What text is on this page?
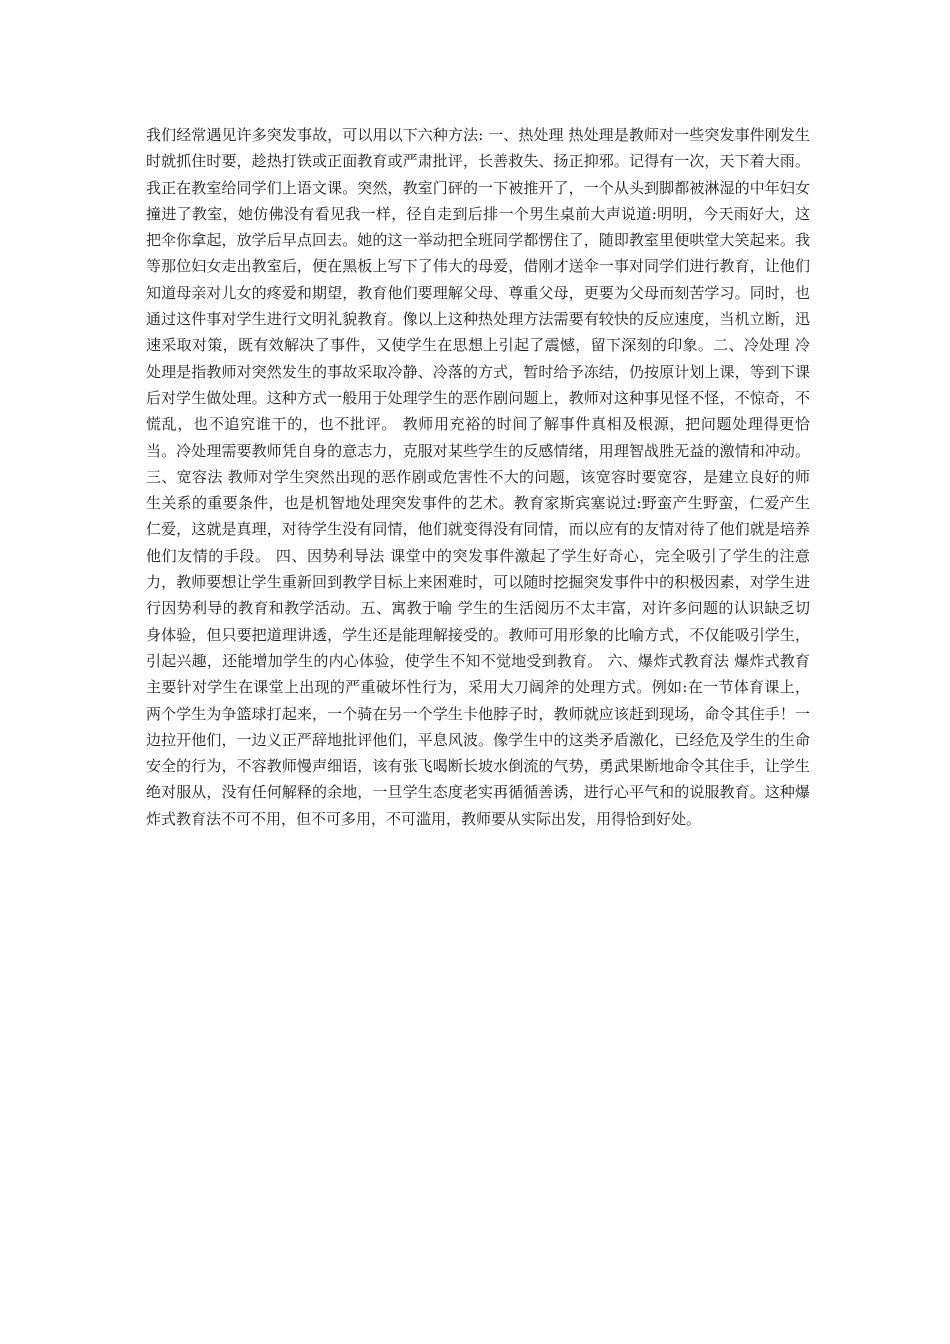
我们经常遇见许多突发事故，可以用以下六种方法: 一、热处理 热处理是教师对一些突发事件刚发生时就抓住时要，趁热打铁或正面教育或严肃批评，长善救失、扬正抑邪。记得有一次，天下着大雨。我正在教室给同学们上语文课。突然，教室门砰的一下被推开了，一个从头到脚都被淋湿的中年妇女撞进了教室，她仿佛没有看见我一样，径自走到后排一个男生桌前大声说道:明明，今天雨好大，这把伞你拿起，放学后早点回去。她的这一举动把全班同学都愣住了，随即教室里便哄堂大笑起来。我等那位妇女走出教室后，便在黑板上写下了伟大的母爱，借刚才送伞一事对同学们进行教育，让他们知道母亲对儿女的疼爱和期望，教育他们要理解父母、尊重父母，更要为父母而刻苦学习。同时，也通过这件事对学生进行文明礼貌教育。像以上这种热处理方法需要有较快的反应速度，当机立断，迅速采取对策，既有效解决了事件，又使学生在思想上引起了震憾，留下深刻的印象。二、冷处理 冷处理是指教师对突然发生的事故采取冷静、冷落的方式，暂时给予冻结，仍按原计划上课，等到下课后对学生做处理。这种方式一般用于处理学生的恶作剧问题上，教师对这种事见怪不怪，不惊奇，不慌乱，也不追究谁干的，也不批评。 教师用充裕的时间了解事件真相及根源，把问题处理得更恰当。冷处理需要教师凭自身的意志力，克服对某些学生的反感情绪，用理智战胜无益的激情和冲动。三、宽容法 教师对学生突然出现的恶作剧或危害性不大的问题，该宽容时要宽容，是建立良好的师生关系的重要条件，也是机智地处理突发事件的艺术。教育家斯宾塞说过:野蛮产生野蛮，仁爱产生仁爱，这就是真理，对待学生没有同情，他们就变得没有同情，而以应有的友情对待了他们就是培养他们友情的手段。 四、因势利导法 课堂中的突发事件激起了学生好奇心，完全吸引了学生的注意力，教师要想让学生重新回到教学目标上来困难时，可以随时挖掘突发事件中的积极因素，对学生进行因势利导的教育和教学活动。五、寓教于喻 学生的生活阅历不太丰富，对许多问题的认识缺乏切身体验，但只要把道理讲透，学生还是能理解接受的。教师可用形象的比喻方式，不仅能吸引学生，引起兴趣，还能增加学生的内心体验，使学生不知不觉地受到教育。 六、爆炸式教育法 爆炸式教育主要针对学生在课堂上出现的严重破坏性行为，采用大刀阔斧的处理方式。例如:在一节体育课上，两个学生为争篮球打起来，一个骑在另一个学生卡他脖子时，教师就应该赶到现场，命令其住手！一边拉开他们，一边义正严辞地批评他们，平息风波。像学生中的这类矛盾激化，已经危及学生的生命安全的行为，不容教师慢声细语，该有张飞喝断长坡水倒流的气势，勇武果断地命令其住手，让学生绝对服从，没有任何解释的余地，一旦学生态度老实再循循善诱，进行心平气和的说服教育。这种爆炸式教育法不可不用，但不可多用，不可滥用，教师要从实际出发，用得恰到好处。
